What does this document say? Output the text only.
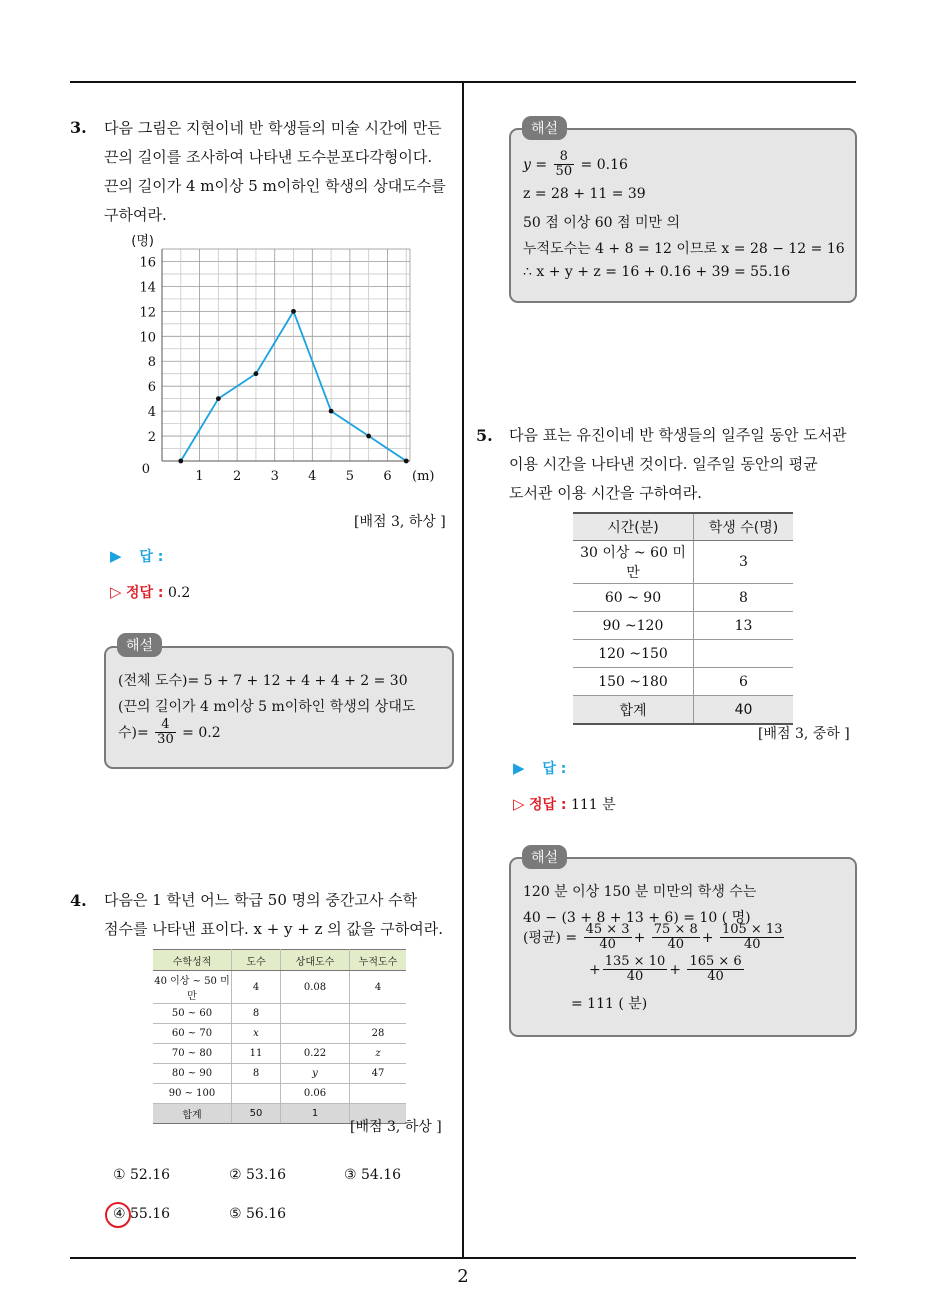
2
3. 다음 그림은 지현이네 반 학생들의 미술 시간에 만든
끈의 길이를 조사하여 나타낸 도수분포다각형이다.
끈의 길이가 4 m이상 5 m이하인 학생의 상대도수를
구하여라.
2
4
6
8
10
12
14
16
1 2 3 4 5 6
0
(명)
(m)
[배점 3, 하상 ]
▶ 답 :
▷ 정답 : 0.2
(전체 도수)= 5 + 7 + 12 + 4 + 4 + 2 = 30
(끈의 길이가 4 m이상 5 m이하인 학생의 상대도
수)= $\frac{4}{30} = 0.2$
해설
4. 다음은 1 학년 어느 학급 50 명의 중간고사 수학
점수를 나타낸 표이다. x + y + z 의 값을 구하여라.
수학성적	도수	상대도수	누적도수
40 이상 ~ 50 미만	4	0.08	4
50 ~ 60	8		
60 ~ 70	x		28
70 ~ 80	11	0.22	z
80 ~ 90	8	y	47
90 ~ 100		0.06	
합계	50	1	
[배점 3, 하상 ]
① 52.16	② 53.16	③ 54.16
④ 55.16	⑤ 56.16
$y = \frac{8}{50} = 0.16$
z = 28 + 11 = 39
50 점 이상 60 점 미만 의
누적도수는 4 + 8 = 12 이므로 x = 28 − 12 = 16
∴ x + y + z = 16 + 0.16 + 39 = 55.16
해설
5. 다음 표는 유진이네 반 학생들의 일주일 동안 도서관
이용 시간을 나타낸 것이다. 일주일 동안의 평균
도서관 이용 시간을 구하여라.
시간(분)	학생 수(명)
30 이상 ~ 60 미만	3
60 ~ 90	8
90 ~120	13
120 ~150	
150 ~180	6
합계	40
[배점 3, 중하 ]
▶ 답 :
▷ 정답 : 111 분
120 분 이상 150 분 미만의 학생 수는
40 − (3 + 8 + 13 + 6) = 10 ( 명)
(평균) = $\frac{45 \times 3}{40} + \frac{75 \times 8}{40} + \frac{105 \times 13}{40}$
+ $\frac{135 \times 10}{40} + \frac{165 \times 6}{40}$
= 111 ( 분)
해설
